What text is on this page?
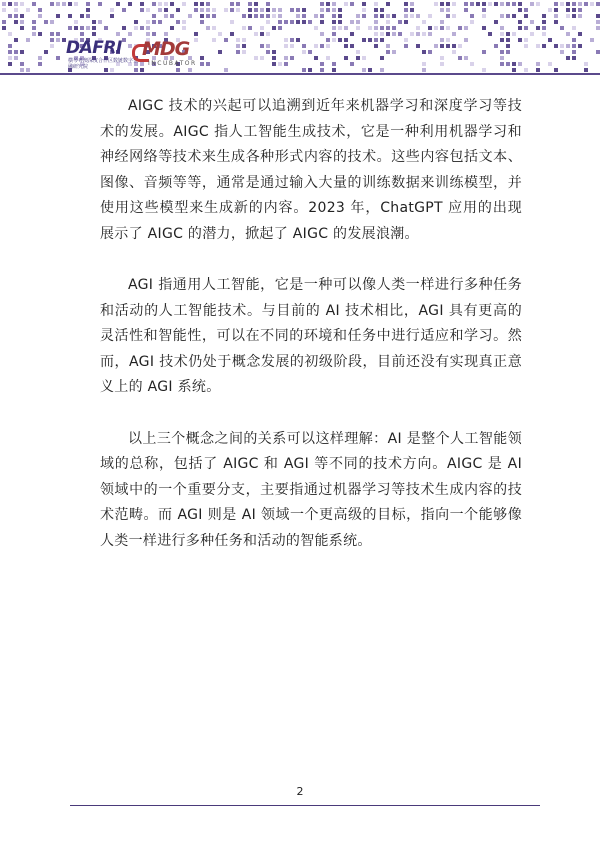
DAFRI
横琴粤澳深度合作区数链数字金融研究院
MDG
INCUBATOR

AIGC 技术的兴起可以追溯到近年来机器学习和深度学习等技术的发展。AIGC 指人工智能生成技术，它是一种利用机器学习和神经网络等技术来生成各种形式内容的技术。这些内容包括文本、图像、音频等等，通常是通过输入大量的训练数据来训练模型，并使用这些模型来生成新的内容。2023 年，ChatGPT 应用的出现展示了 AIGC 的潜力，掀起了 AIGC 的发展浪潮。

AGI 指通用人工智能，它是一种可以像人类一样进行多种任务和活动的人工智能技术。与目前的 AI 技术相比，AGI 具有更高的灵活性和智能性，可以在不同的环境和任务中进行适应和学习。然而，AGI 技术仍处于概念发展的初级阶段，目前还没有实现真正意义上的 AGI 系统。

以上三个概念之间的关系可以这样理解：AI 是整个人工智能领域的总称，包括了 AIGC 和 AGI 等不同的技术方向。AIGC 是 AI 领域中的一个重要分支，主要指通过机器学习等技术生成内容的技术范畴。而 AGI 则是 AI 领域一个更高级的目标，指向一个能够像人类一样进行多种任务和活动的智能系统。

2
